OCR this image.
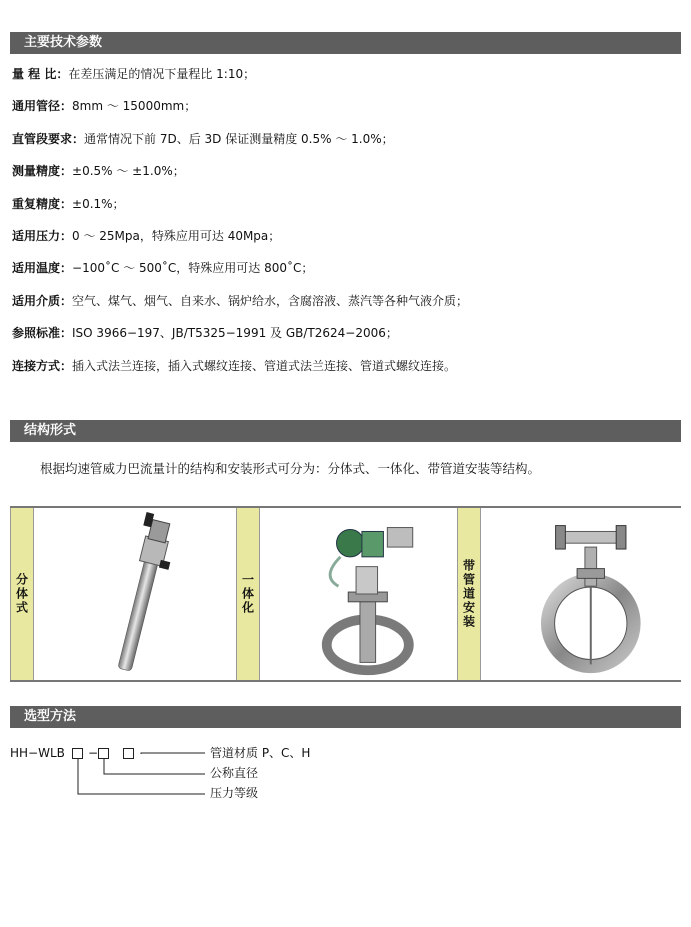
主要技术参数
量 程 比：在差压满足的情况下量程比 1:10；
通用管径：8mm ～ 15000mm；
直管段要求：通常情况下前 7D、后 3D 保证测量精度 0.5% ～ 1.0%；
测量精度：±0.5% ～ ±1.0%；
重复精度：±0.1%；
适用压力：0 ～ 25Mpa，特殊应用可达 40Mpa；
适用温度：−100˚C ～ 500˚C，特殊应用可达 800˚C；
适用介质：空气、煤气、烟气、自来水、锅炉给水，含腐溶液、蒸汽等各种气液介质；
参照标准：ISO 3966−197、JB/T5325−1991 及 GB/T2624−2006；
连接方式：插入式法兰连接，插入式螺纹连接、管道式法兰连接、管道式螺纹连接。
结构形式
根据均速管威力巴流量计的结构和安装形式可分为：分体式、一体化、带管道安装等结构。
分体式	一体化	带管道安装
选型方法
HH−WLB −	管道材质 P、C、H
公称直径
压力等级
